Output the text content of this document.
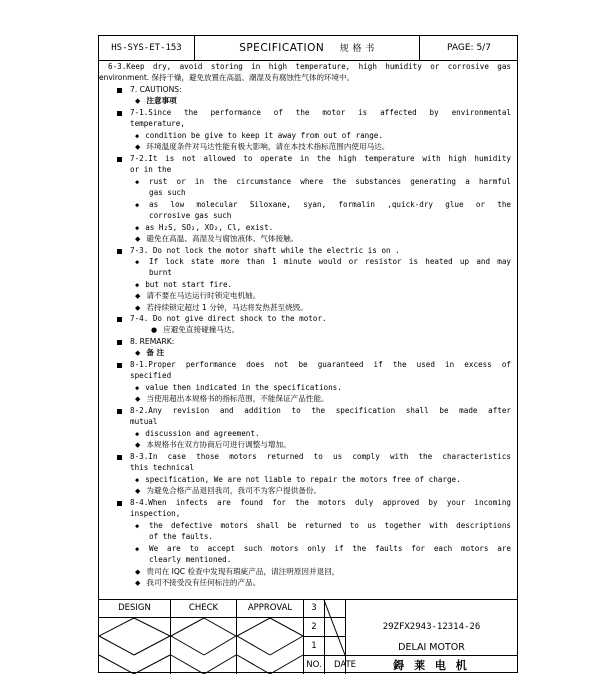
HS-SYS-ET-153	SPECIFICATION 规 格 书	PAGE: 5/7
6-3.Keep dry, avoid storing in high temperature, high humidity or corrosive gas
environment. 保持干燥，避免放置在高温、潮湿及有腐蚀性气体的环境中。
7. CAUTIONS:
◆ 注意事项
7-1.Since the performance of the motor is affected by environmental
temperature,
◆ condition be give to keep it away from out of range.
◆ 环境温度条件对马达性能有极大影响，请在本技术指标范围内使用马达。
7-2.It is not allowed to operate in the high temperature with high humidity
or in the
◆	rust or in the circumstance where the substances generating a harmful
gas such
◆	as low molecular Siloxane, syan, formalin ,quick-dry glue or the
corrosive gas such
◆ as H₂S, SO₂, XO₂, Cl, exist.
◆ 避免在高温、高湿及与腐蚀液体、气体接触。
7-3. Do not lock the motor shaft while the electric is on .
◆	If lock state more than 1 minute would or resistor is heated up and may
burnt
◆ but not start fire.
◆ 请不要在马达运行时锁定电机轴。
◆ 若持续锁定超过 1 分钟，马达将发热甚至烧毁。
7-4. Do not give direct shock to the motor.
● 应避免直接碰撞马达。
8. REMARK:
◆ 备 注
8-1.Proper performance does not be guaranteed if the used in excess of
specified
◆ value then indicated in the specifications.
◆ 当使用超出本规格书的指标范围，不能保证产品性能。
8-2.Any revision and addition to the specification shall be made after
mutual
◆ discussion and agreement.
◆ 本规格书在双方协商后可进行调整与增加。
8-3.In case those motors returned to us comply with the characteristics
this technical
◆ specification, We are not liable to repair the motors free of charge.
◆ 为避免合格产品退回我司，我司不为客户提供备份。
8-4.When infects are found for the motors duly approved by your incoming
inspection,
◆	the defective motors shall be returned to us together with descriptions
of the faults.
◆	We are to accept such motors only if the faults for each motors are
clearly mentioned.
◆ 贵司在 IQC 检查中发现有瑕疵产品，请注明原因并退回，
◆ 我司不接受没有任何标注的产品。
DESIGN	CHECK	APPROVAL	3
2
1
NO.	DATE
29ZFX2943-12314-26
DELAI MOTOR
鍀 莱 电 机
